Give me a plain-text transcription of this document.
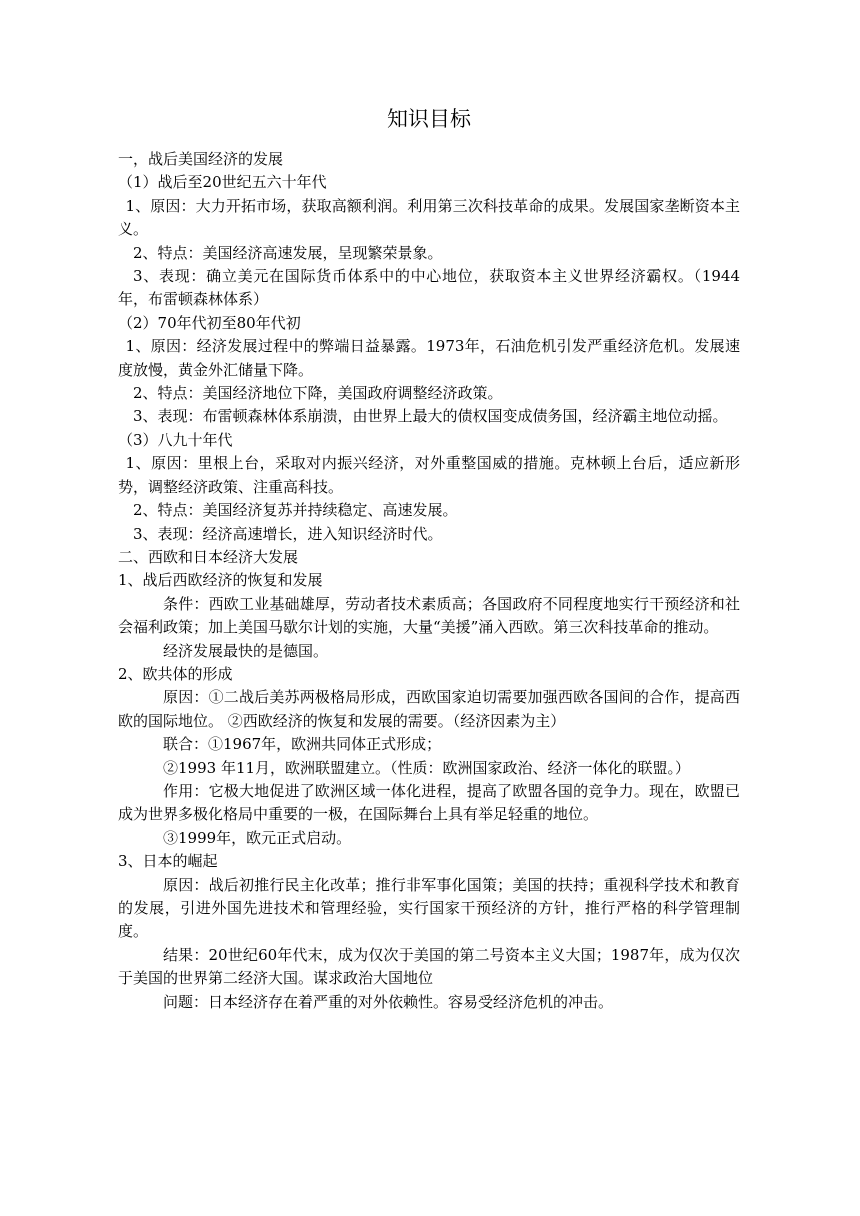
知识目标

一，战后美国经济的发展

（1）战后至20世纪五六十年代

1、原因：大力开拓市场，获取高额利润。利用第三次科技革命的成果。发展国家垄断资本主义。

2、特点：美国经济高速发展，呈现繁荣景象。

3、表现：确立美元在国际货币体系中的中心地位，获取资本主义世界经济霸权。（1944年，布雷顿森林体系）

（2）70年代初至80年代初

1、原因：经济发展过程中的弊端日益暴露。1973年，石油危机引发严重经济危机。发展速度放慢，黄金外汇储量下降。

2、特点：美国经济地位下降，美国政府调整经济政策。

3、表现：布雷顿森林体系崩溃，由世界上最大的债权国变成债务国，经济霸主地位动摇。

（3）八九十年代

1、原因：里根上台，采取对内振兴经济，对外重整国威的措施。克林顿上台后，适应新形势，调整经济政策、注重高科技。

2、特点：美国经济复苏并持续稳定、高速发展。

3、表现：经济高速增长，进入知识经济时代。

二、西欧和日本经济大发展

1、战后西欧经济的恢复和发展

条件：西欧工业基础雄厚，劳动者技术素质高；各国政府不同程度地实行干预经济和社会福利政策；加上美国马歇尔计划的实施，大量“美援”涌入西欧。第三次科技革命的推动。

经济发展最快的是德国。

2、欧共体的形成

原因：①二战后美苏两极格局形成，西欧国家迫切需要加强西欧各国间的合作，提高西欧的国际地位。 ②西欧经济的恢复和发展的需要。（经济因素为主）

联合：①1967年，欧洲共同体正式形成；

②1993 年11月，欧洲联盟建立。（性质：欧洲国家政治、经济一体化的联盟。）

作用：它极大地促进了欧洲区域一体化进程，提高了欧盟各国的竞争力。现在，欧盟已成为世界多极化格局中重要的一极，在国际舞台上具有举足轻重的地位。

③1999年，欧元正式启动。

3、日本的崛起

原因：战后初推行民主化改革；推行非军事化国策；美国的扶持；重视科学技术和教育的发展，引进外国先进技术和管理经验，实行国家干预经济的方针，推行严格的科学管理制度。

结果：20世纪60年代末，成为仅次于美国的第二号资本主义大国；1987年，成为仅次于美国的世界第二经济大国。谋求政治大国地位

问题：日本经济存在着严重的对外依赖性。容易受经济危机的冲击。
